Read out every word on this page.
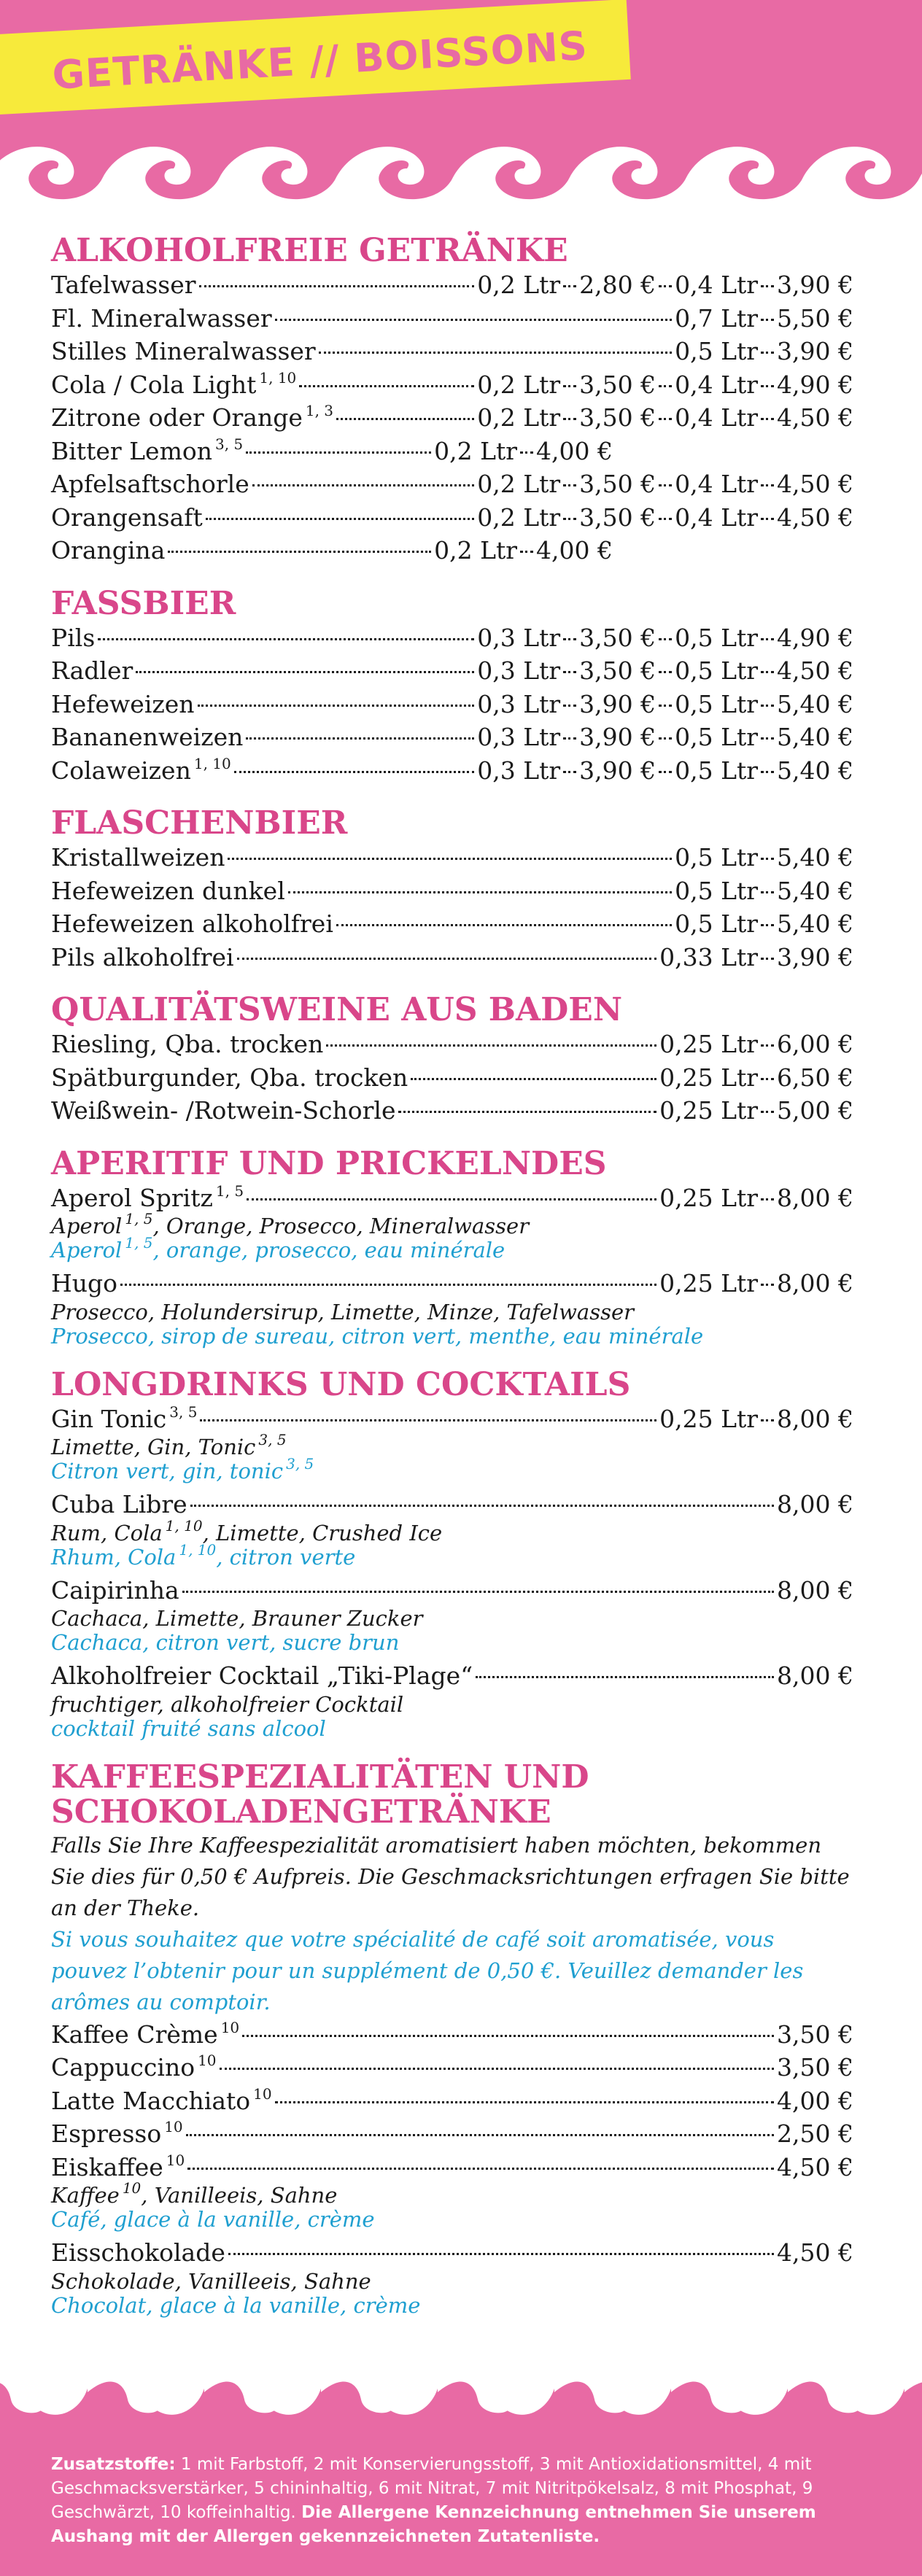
GETRÄNKE // BOISSONS
ALKOHOLFREIE GETRÄNKE
Tafelwasser	0,2 Ltr 2,80 € 0,4 Ltr 3,90 €
Fl. Mineralwasser	0,7 Ltr 5,50 €
Stilles Mineralwasser	0,5 Ltr 3,90 €
Cola / Cola Light $^{1, 10}$	0,2 Ltr 3,50 € 0,4 Ltr 4,90 €
Zitrone oder Orange $^{1, 3}$	0,2 Ltr 3,50 € 0,4 Ltr 4,50 €
Bitter Lemon $^{3, 5}$	0,2 Ltr 4,00 €
Apfelsaftschorle	0,2 Ltr 3,50 € 0,4 Ltr 4,50 €
Orangensaft	0,2 Ltr 3,50 € 0,4 Ltr 4,50 €
Orangina	0,2 Ltr 4,00 €
FASSBIER
Pils	0,3 Ltr 3,50 € 0,5 Ltr 4,90 €
Radler	0,3 Ltr 3,50 € 0,5 Ltr 4,50 €
Hefeweizen	0,3 Ltr 3,90 € 0,5 Ltr 5,40 €
Bananenweizen	0,3 Ltr 3,90 € 0,5 Ltr 5,40 €
Colaweizen $^{1, 10}$	0,3 Ltr 3,90 € 0,5 Ltr 5,40 €
FLASCHENBIER
Kristallweizen	0,5 Ltr 5,40 €
Hefeweizen dunkel	0,5 Ltr 5,40 €
Hefeweizen alkoholfrei	0,5 Ltr 5,40 €
Pils alkoholfrei	0,33 Ltr 3,90 €
QUALITÄTSWEINE AUS BADEN
Riesling, Qba. trocken	0,25 Ltr 6,00 €
Spätburgunder, Qba. trocken	0,25 Ltr 6,50 €
Weißwein- /Rotwein-Schorle	0,25 Ltr 5,00 €
APERITIF UND PRICKELNDES
Aperol Spritz $^{1, 5}$	0,25 Ltr 8,00 €
Aperol $^{1, 5}$, Orange, Prosecco, Mineralwasser
Aperol $^{1, 5}$, orange, prosecco, eau minérale
Hugo	0,25 Ltr 8,00 €
Prosecco, Holundersirup, Limette, Minze, Tafelwasser
Prosecco, sirop de sureau, citron vert, menthe, eau minérale
LONGDRINKS UND COCKTAILS
Gin Tonic $^{3, 5}$	0,25 Ltr 8,00 €
Limette, Gin, Tonic $^{3, 5}$
Citron vert, gin, tonic $^{3, 5}$
Cuba Libre	8,00 €
Rum, Cola $^{1, 10}$, Limette, Crushed Ice
Rhum, Cola $^{1, 10}$, citron verte
Caipirinha	8,00 €
Cachaca, Limette, Brauner Zucker
Cachaca, citron vert, sucre brun
Alkoholfreier Cocktail „Tiki-Plage“	8,00 €
fruchtiger, alkoholfreier Cocktail
cocktail fruité sans alcool
KAFFEESPEZIALITÄTEN UND
SCHOKOLADENGETRÄNKE
Falls Sie Ihre Kaffeespezialität aromatisiert haben möchten, bekommen Sie dies für 0,50 € Aufpreis. Die Geschmacksrichtungen erfragen Sie bitte an der Theke.
Si vous souhaitez que votre spécialité de café soit aromatisée, vous pouvez l’obtenir pour un supplément de 0,50 €. Veuillez demander les arômes au comptoir.
Kaffee Crème $^{10}$	3,50 €
Cappuccino $^{10}$	3,50 €
Latte Macchiato $^{10}$	4,00 €
Espresso $^{10}$	2,50 €
Eiskaffee $^{10}$	4,50 €
Kaffee $^{10}$, Vanilleeis, Sahne
Café, glace à la vanille, crème
Eisschokolade	4,50 €
Schokolade, Vanilleeis, Sahne
Chocolat, glace à la vanille, crème
Zusatzstoffe: 1 mit Farbstoff, 2 mit Konservierungsstoff, 3 mit Antioxidationsmittel, 4 mit Geschmacksverstärker, 5 chininhaltig, 6 mit Nitrat, 7 mit Nitritpökelsalz, 8 mit Phosphat, 9 Geschwärzt, 10 koffeinhaltig. Die Allergene Kennzeichnung entnehmen Sie unserem Aushang mit der Allergen gekennzeichneten Zutatenliste.
